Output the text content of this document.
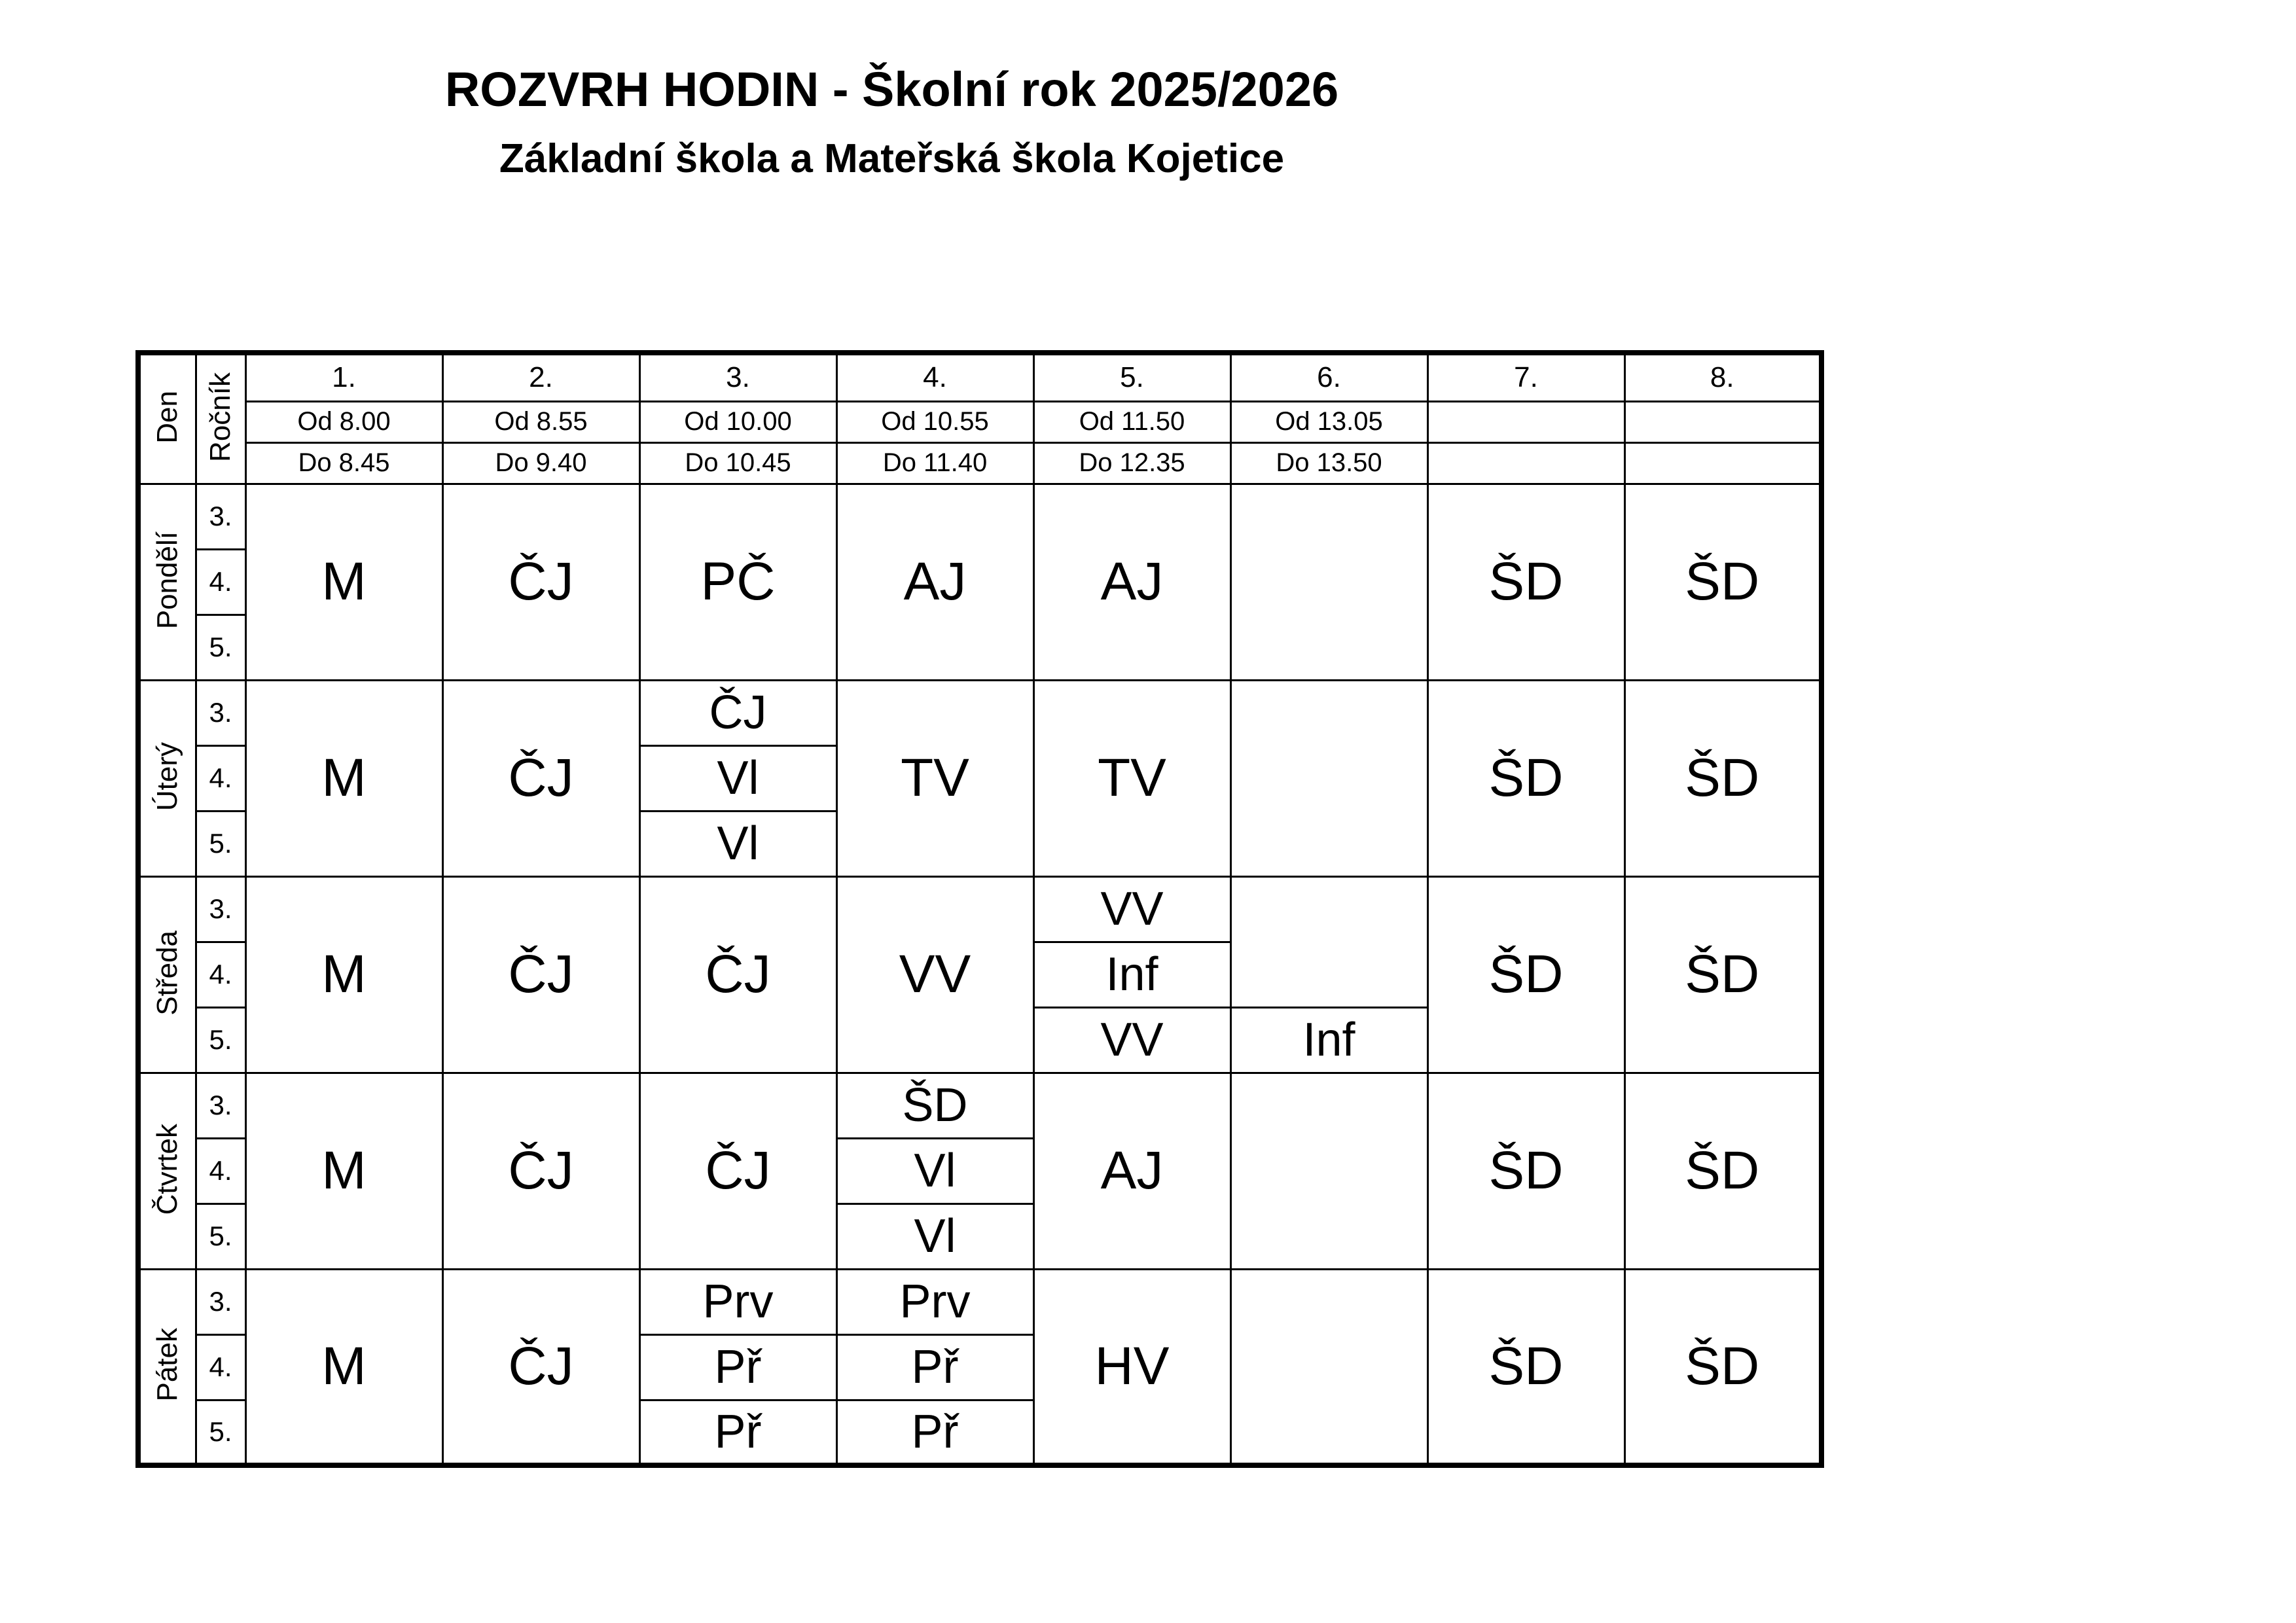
ROZVRH HODIN - Školní rok 2025/2026
Základní škola a Mateřská škola Kojetice
Den	Ročník	1.	2.	3.	4.	5.	6.	7.	8.
		Od 8.00	Od 8.55	Od 10.00	Od 10.55	Od 11.50	Od 13.05		
		Do 8.45	Do 9.40	Do 10.45	Do 11.40	Do 12.35	Do 13.50		
Pondělí	3.	M	ČJ	PČ	AJ	AJ		ŠD	ŠD
	4.								
	5.								
Úterý	3.	M	ČJ	ČJ	TV	TV		ŠD	ŠD
	4.			Vl					
	5.			Vl					
Středa	3.	M	ČJ	ČJ	VV	VV		ŠD	ŠD
	4.					Inf			
	5.					VV	Inf		
Čtvrtek	3.	M	ČJ	ČJ	ŠD	AJ		ŠD	ŠD
	4.				Vl				
	5.				Vl				
Pátek	3.	M	ČJ	Prv	Prv	HV		ŠD	ŠD
	4.			Př	Př				
	5.			Př	Př				
